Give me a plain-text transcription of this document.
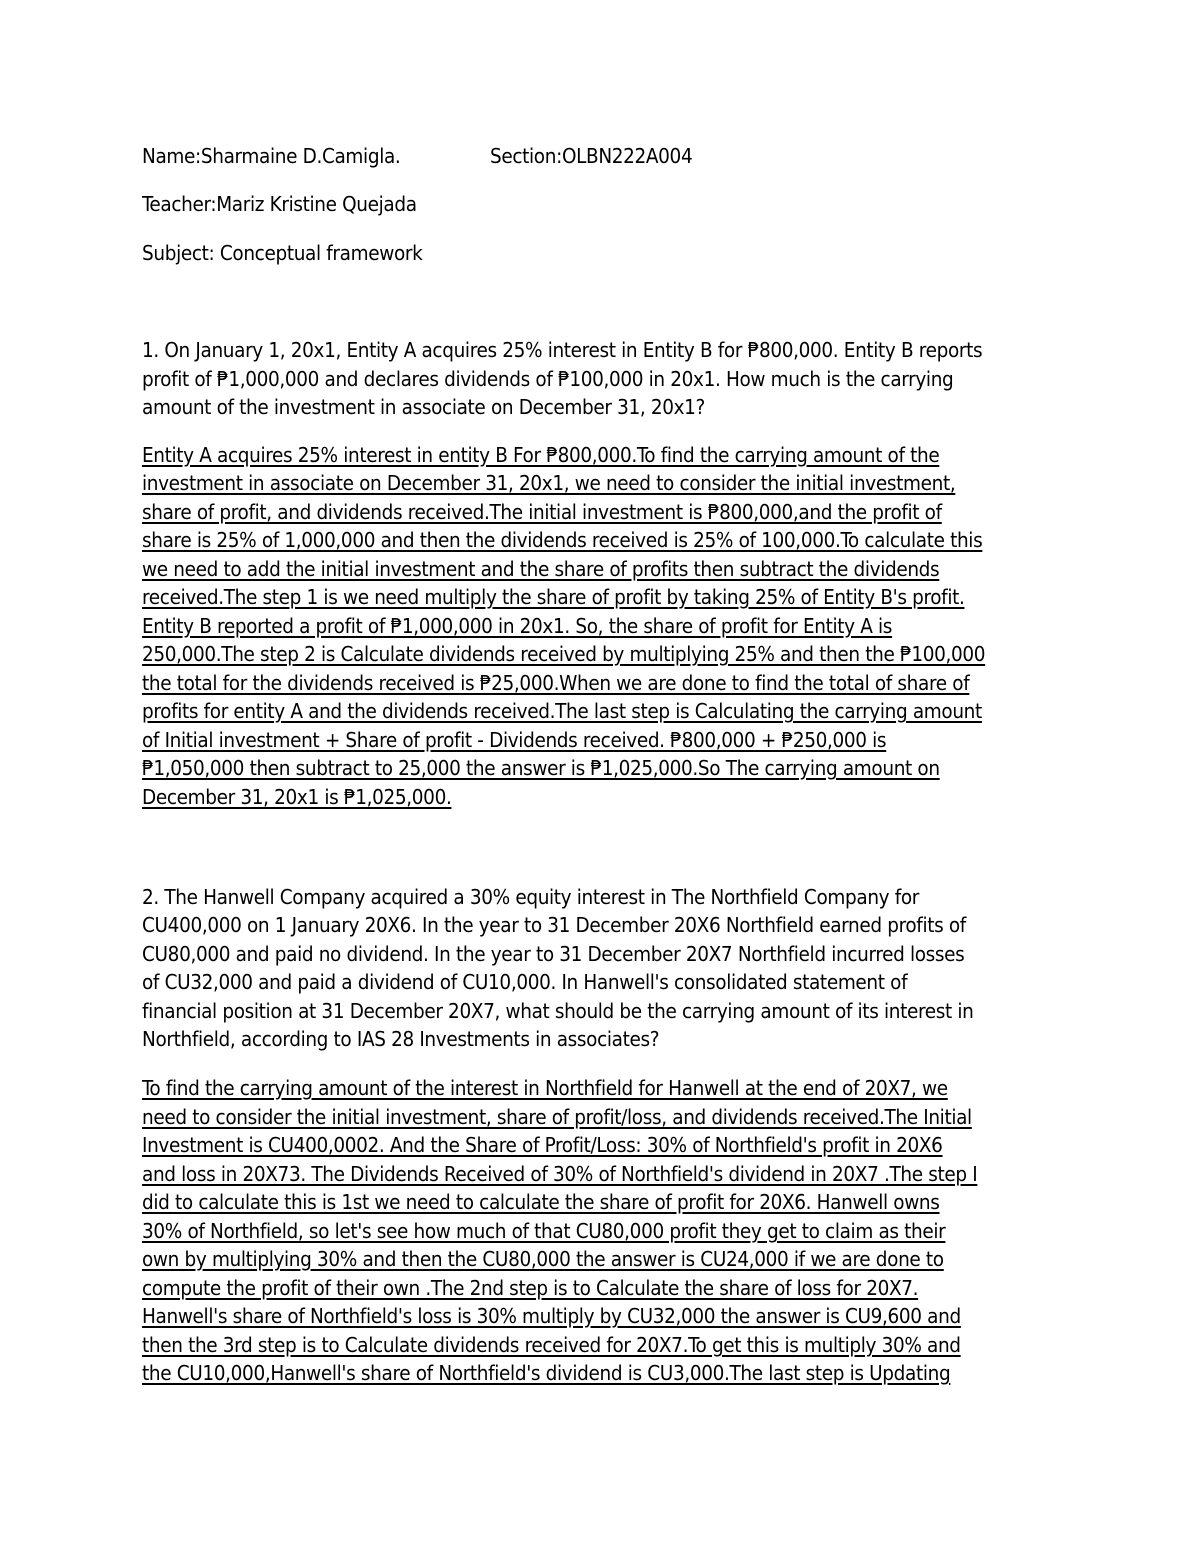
Name:Sharmaine D.Camigla.	Section:OLBN222A004
Teacher:Mariz Kristine Quejada
Subject: Conceptual framework
1. On January 1, 20x1, Entity A acquires 25% interest in Entity B for ₱800,000. Entity B reports
profit of ₱1,000,000 and declares dividends of ₱100,000 in 20x1. How much is the carrying
amount of the investment in associate on December 31, 20x1?
Entity A acquires 25% interest in entity B For ₱800,000.To find the carrying amount of the
investment in associate on December 31, 20x1, we need to consider the initial investment,
share of profit, and dividends received.The initial investment is ₱800,000,and the profit of
share is 25% of 1,000,000 and then the dividends received is 25% of 100,000.To calculate this
we need to add the initial investment and the share of profits then subtract the dividends
received.The step 1 is we need multiply the share of profit by taking 25% of Entity B's profit.
Entity B reported a profit of ₱1,000,000 in 20x1. So, the share of profit for Entity A is
250,000.The step 2 is Calculate dividends received by multiplying 25% and then the ₱100,000
the total for the dividends received is ₱25,000.When we are done to find the total of share of
profits for entity A and the dividends received.The last step is Calculating the carrying amount
of Initial investment + Share of profit - Dividends received. ₱800,000 + ₱250,000 is
₱1,050,000 then subtract to 25,000 the answer is ₱1,025,000.So The carrying amount on
December 31, 20x1 is ₱1,025,000.
2. The Hanwell Company acquired a 30% equity interest in The Northfield Company for
CU400,000 on 1 January 20X6. In the year to 31 December 20X6 Northfield earned profits of
CU80,000 and paid no dividend. In the year to 31 December 20X7 Northfield incurred losses
of CU32,000 and paid a dividend of CU10,000. In Hanwell's consolidated statement of
financial position at 31 December 20X7, what should be the carrying amount of its interest in
Northfield, according to IAS 28 Investments in associates?
To find the carrying amount of the interest in Northfield for Hanwell at the end of 20X7, we
need to consider the initial investment, share of profit/loss, and dividends received.The Initial
Investment is CU400,0002. And the Share of Profit/Loss: 30% of Northfield's profit in 20X6
and loss in 20X73. The Dividends Received of 30% of Northfield's dividend in 20X7 .The step I
did to calculate this is 1st we need to calculate the share of profit for 20X6. Hanwell owns
30% of Northfield, so let's see how much of that CU80,000 profit they get to claim as their
own by multiplying 30% and then the CU80,000 the answer is CU24,000 if we are done to
compute the profit of their own .The 2nd step is to Calculate the share of loss for 20X7.
Hanwell's share of Northfield's loss is 30% multiply by CU32,000 the answer is CU9,600 and
then the 3rd step is to Calculate dividends received for 20X7.To get this is multiply 30% and
the CU10,000,Hanwell's share of Northfield's dividend is CU3,000.The last step is Updating
